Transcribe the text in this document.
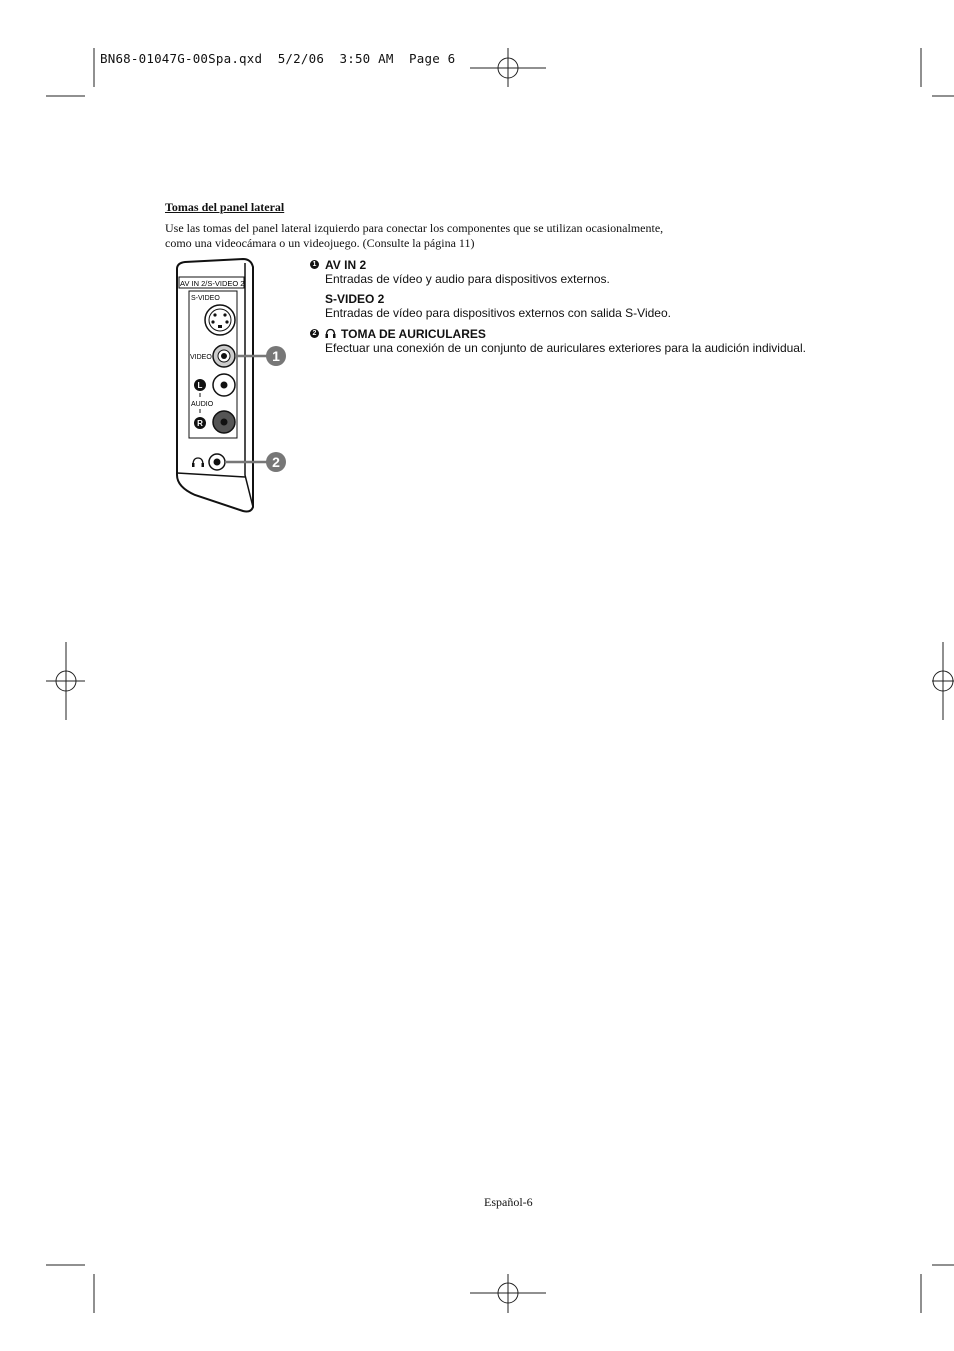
BN68-01047G-00Spa.qxd  5/2/06  3:50 AM  Page 6
Tomas del panel lateral
Use las tomas del panel lateral izquierdo para conectar los componentes que se utilizan ocasionalmente,
como una videocámara o un videojuego. (Consulte la página 11)
AV IN 2/S-VIDEO 2
S-VIDEO
VIDEO
L
AUDIO
R
1
2
1 AV IN 2
Entradas de vídeo y audio para dispositivos externos.
S-VIDEO 2
Entradas de vídeo para dispositivos externos con salida S-Video.
2	TOMA DE AURICULARES
Efectuar una conexión de un conjunto de auriculares exteriores para la audición individual.
Español-6
